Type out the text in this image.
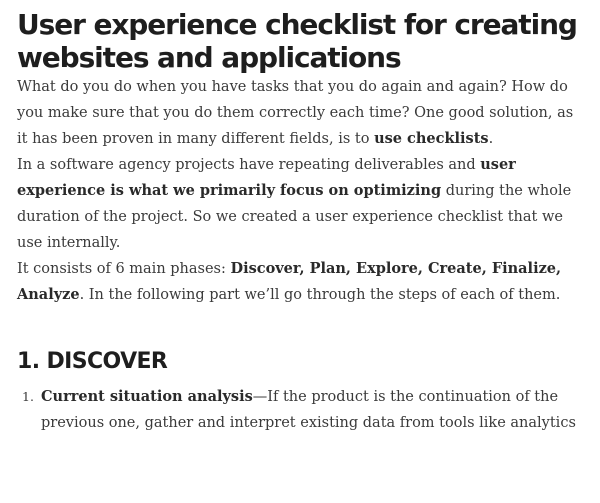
User experience checklist for creating websites and applications

What do you do when you have tasks that you do again and again? How do you make sure that you do them correctly each time? One good solution, as it has been proven in many different fields, is to use checklists.

In a software agency projects have repeating deliverables and user experience is what we primarily focus on optimizing during the whole duration of the project. So we created a user experience checklist that we use internally.

It consists of 6 main phases: Discover, Plan, Explore, Create, Finalize, Analyze. In the following part we’ll go through the steps of each of them.

1. DISCOVER
1. Current situation analysis—If the product is the continuation of the previous one, gather and interpret existing data from tools like analytics
